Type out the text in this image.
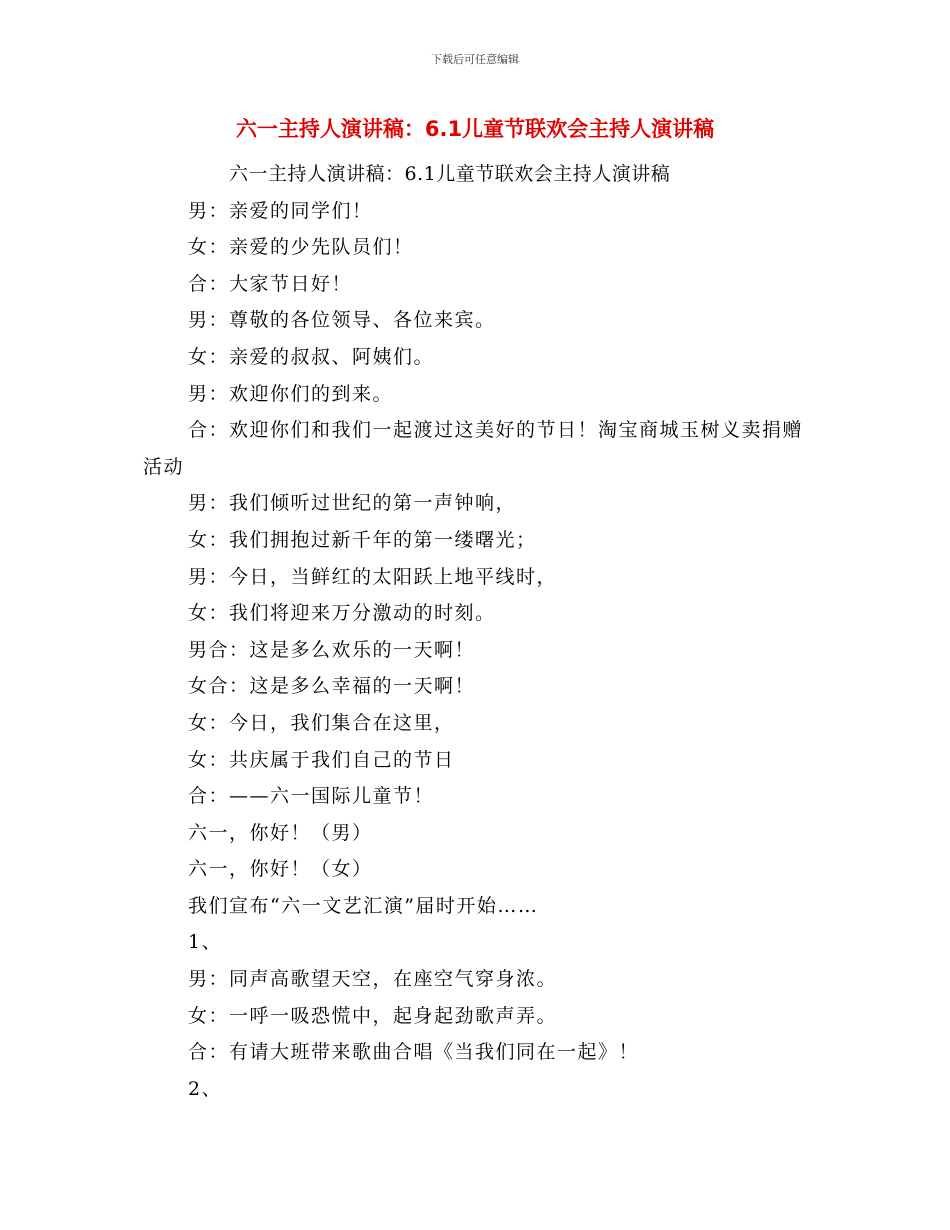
下载后可任意编辑
六一主持人演讲稿：6.1儿童节联欢会主持人演讲稿

六一主持人演讲稿：6.1儿童节联欢会主持人演讲稿

男：亲爱的同学们！

女：亲爱的少先队员们！

合：大家节日好！

男：尊敬的各位领导、各位来宾。

女：亲爱的叔叔、阿姨们。

男：欢迎你们的到来。

合：欢迎你们和我们一起渡过这美好的节日！淘宝商城玉树义卖捐赠活动

男：我们倾听过世纪的第一声钟响，

女：我们拥抱过新千年的第一缕曙光；

男：今日，当鲜红的太阳跃上地平线时，

女：我们将迎来万分激动的时刻。

男合：这是多么欢乐的一天啊！

女合：这是多么幸福的一天啊！

女：今日，我们集合在这里，

女：共庆属于我们自己的节日

合：——六一国际儿童节！

六一，你好！（男）

六一，你好！（女）

我们宣布“六一文艺汇演”届时开始……

1、

男：同声高歌望天空，在座空气穿身浓。

女：一呼一吸恐慌中，起身起劲歌声弄。

合：有请大班带来歌曲合唱《当我们同在一起》！

2、
